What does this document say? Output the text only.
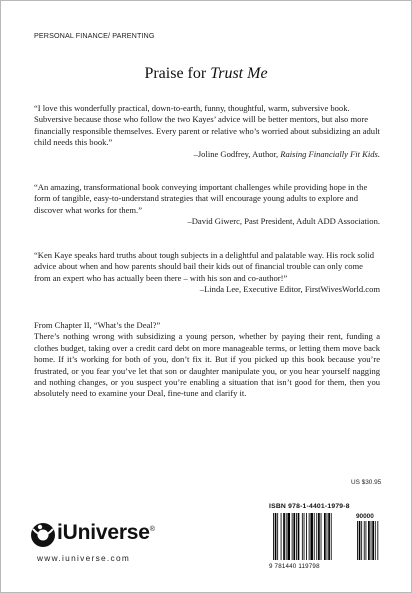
PERSONAL FINANCE/ PARENTING
Praise for Trust Me
“I love this wonderfully practical, down-to-earth, funny, thoughtful, warm, subversive book. Subversive because those who follow the two Kayes’ advice will be better mentors, but also more financially responsible themselves. Every parent or relative who’s worried about subsidizing an adult child needs this book.”
–Joline Godfrey, Author, Raising Financially Fit Kids.
“An amazing, transformational book conveying important challenges while providing hope in the form of tangible, easy-to-understand strategies that will encourage young adults to explore and discover what works for them.”
–David Giwerc, Past President, Adult ADD Association.
“Ken Kaye speaks hard truths about tough subjects in a delightful and palatable way. His rock solid advice about when and how parents should bail their kids out of financial trouble can only come from an expert who has actually been there – with his son and co-author!”
–Linda Lee, Executive Editor, FirstWivesWorld.com
From Chapter II, “What’s the Deal?”
There’s nothing wrong with subsidizing a young person, whether by paying their rent, funding a clothes budget, taking over a credit card debt on more manageable terms, or letting them move back home. If it’s working for both of you, don’t fix it. But if you picked up this book because you’re frustrated, or you fear you’ve let that son or daughter manipulate you, or you hear yourself nagging and nothing changes, or you suspect you’re enabling a situation that isn’t good for them, then you absolutely need to examine your Deal, fine-tune and clarify it.
US $30.95
iUniverse®
www.iuniverse.com
ISBN 978-1-4401-1979-8
90000
9 781440 119798
